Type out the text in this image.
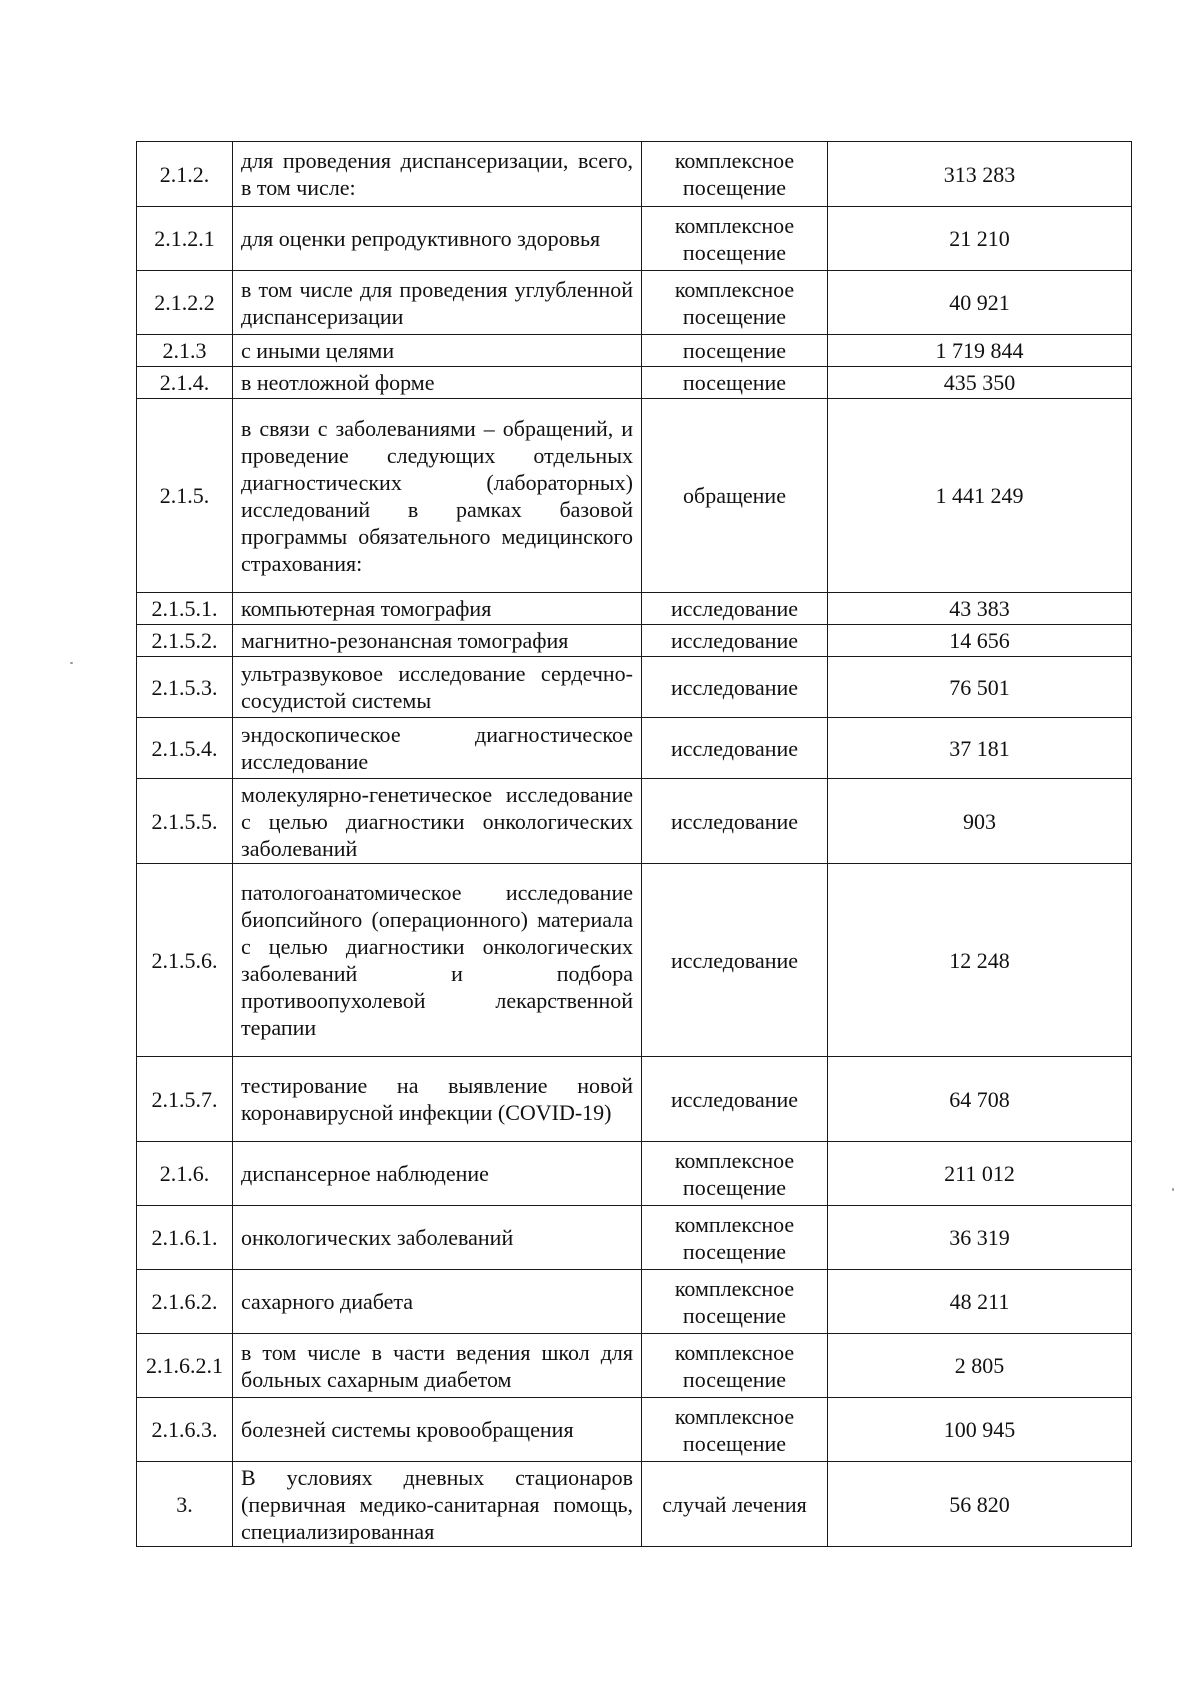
2.1.2.	для проведения диспансеризации, всего, в том числе:	комплексное посещение	313 283
2.1.2.1	для оценки репродуктивного здоровья	комплексное посещение	21 210
2.1.2.2	в том числе для проведения углубленной диспансеризации	комплексное посещение	40 921
2.1.3	с иными целями	посещение	1 719 844
2.1.4.	в неотложной форме	посещение	435 350
2.1.5.	в связи с заболеваниями – обращений, и проведение следующих отдельных диагностических (лабораторных) исследований в рамках базовой программы обязательного медицинского страхования:	обращение	1 441 249
2.1.5.1.	компьютерная томография	исследование	43 383
2.1.5.2.	магнитно-резонансная томография	исследование	14 656
2.1.5.3.	ультразвуковое исследование сердечно-сосудистой системы	исследование	76 501
2.1.5.4.	эндоскопическое диагностическое исследование	исследование	37 181
2.1.5.5.	молекулярно-генетическое исследование с целью диагностики онкологических заболеваний	исследование	903
2.1.5.6.	патологоанатомическое исследование биопсийного (операционного) материала с целью диагностики онкологических заболеваний и подбора противоопухолевой лекарственной терапии	исследование	12 248
2.1.5.7.	тестирование на выявление новой коронавирусной инфекции (COVID-19)	исследование	64 708
2.1.6.	диспансерное наблюдение	комплексное посещение	211 012
2.1.6.1.	онкологических заболеваний	комплексное посещение	36 319
2.1.6.2.	сахарного диабета	комплексное посещение	48 211
2.1.6.2.1	в том числе в части ведения школ для больных сахарным диабетом	комплексное посещение	2 805
2.1.6.3.	болезней системы кровообращения	комплексное посещение	100 945
3.	В условиях дневных стационаров (первичная медико-санитарная помощь, специализированная	случай лечения	56 820
